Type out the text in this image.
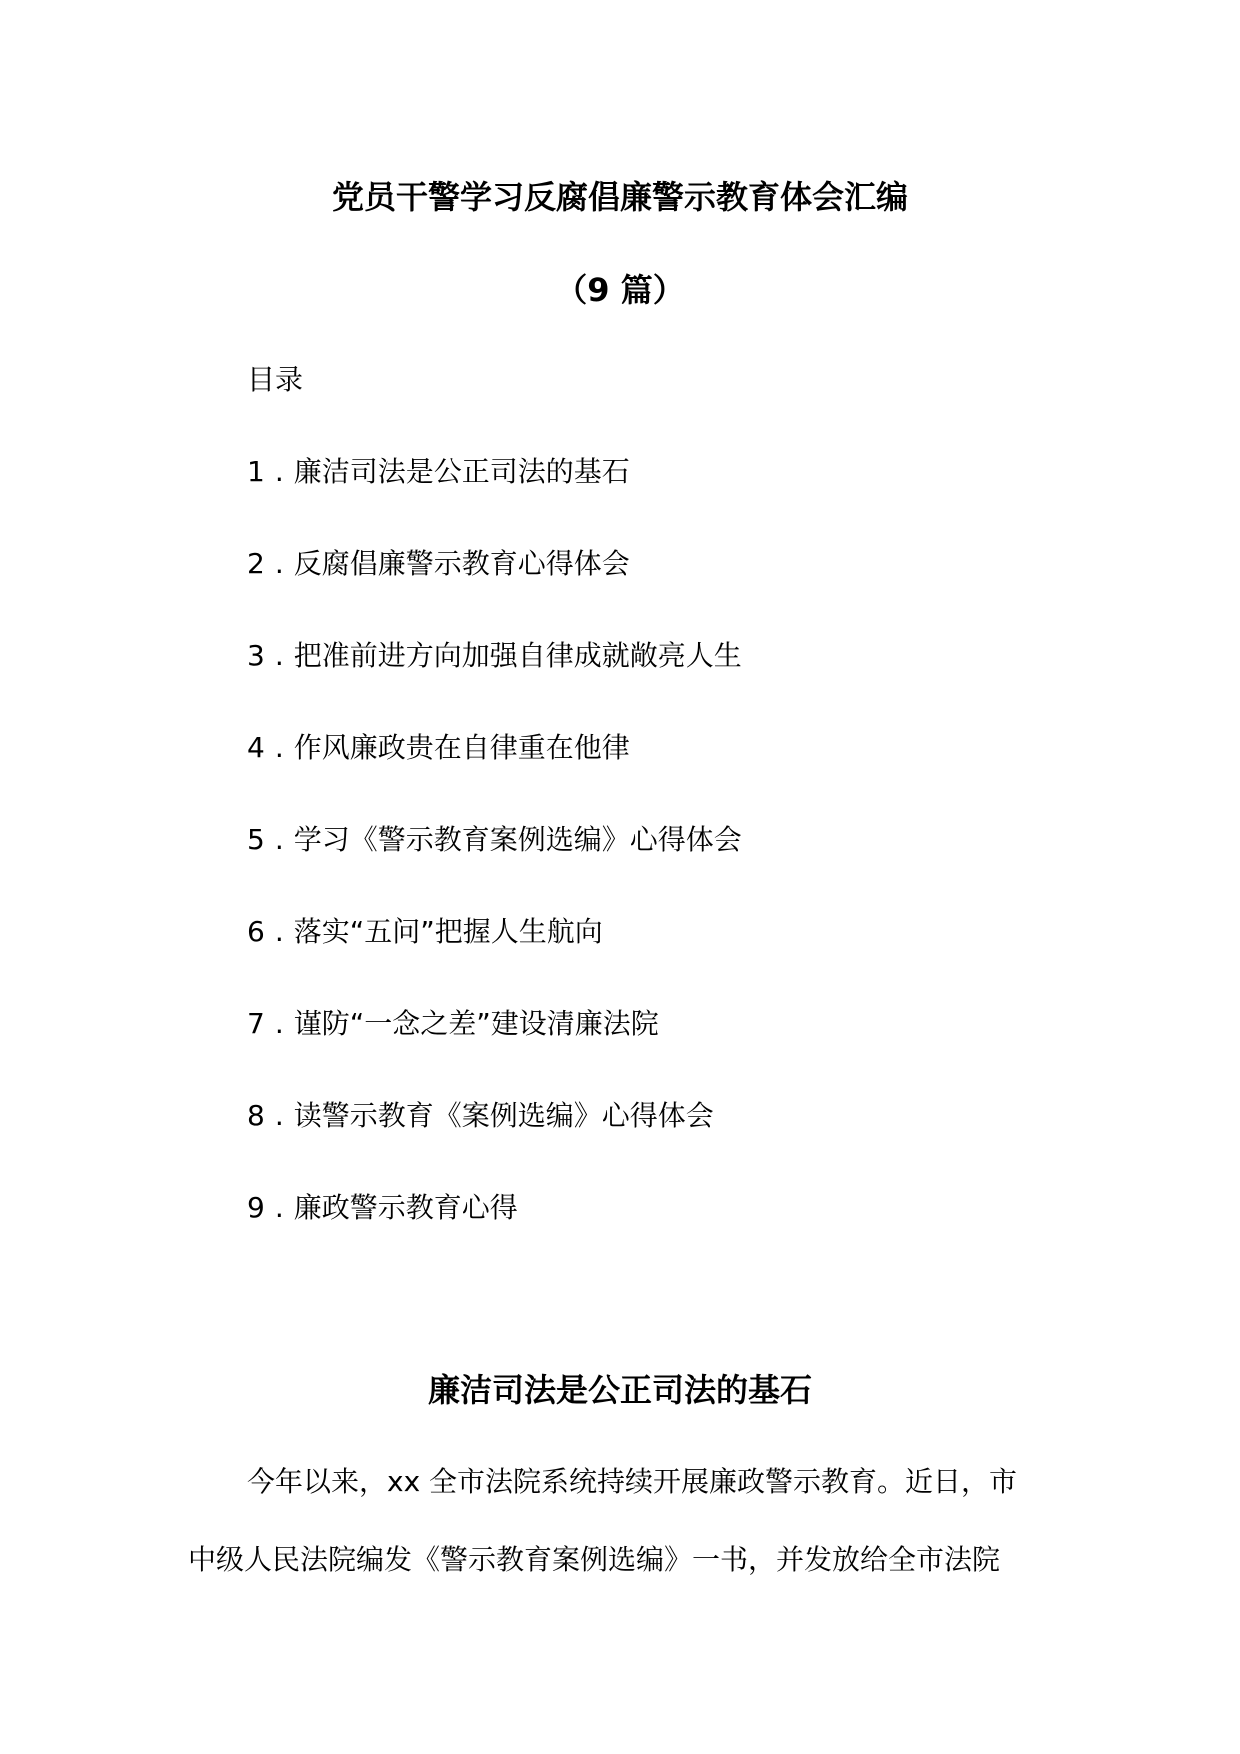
党员干警学习反腐倡廉警示教育体会汇编
（9 篇）
目录
1 . 廉洁司法是公正司法的基石
2 . 反腐倡廉警示教育心得体会
3 . 把准前进方向加强自律成就敞亮人生
4 . 作风廉政贵在自律重在他律
5 . 学习《警示教育案例选编》心得体会
6 . 落实“五问”把握人生航向
7 . 谨防“一念之差”建设清廉法院
8 . 读警示教育《案例选编》心得体会
9 . 廉政警示教育心得
廉洁司法是公正司法的基石

今年以来，xx 全市法院系统持续开展廉政警示教育。近日，市

中级人民法院编发《警示教育案例选编》一书，并发放给全市法院
